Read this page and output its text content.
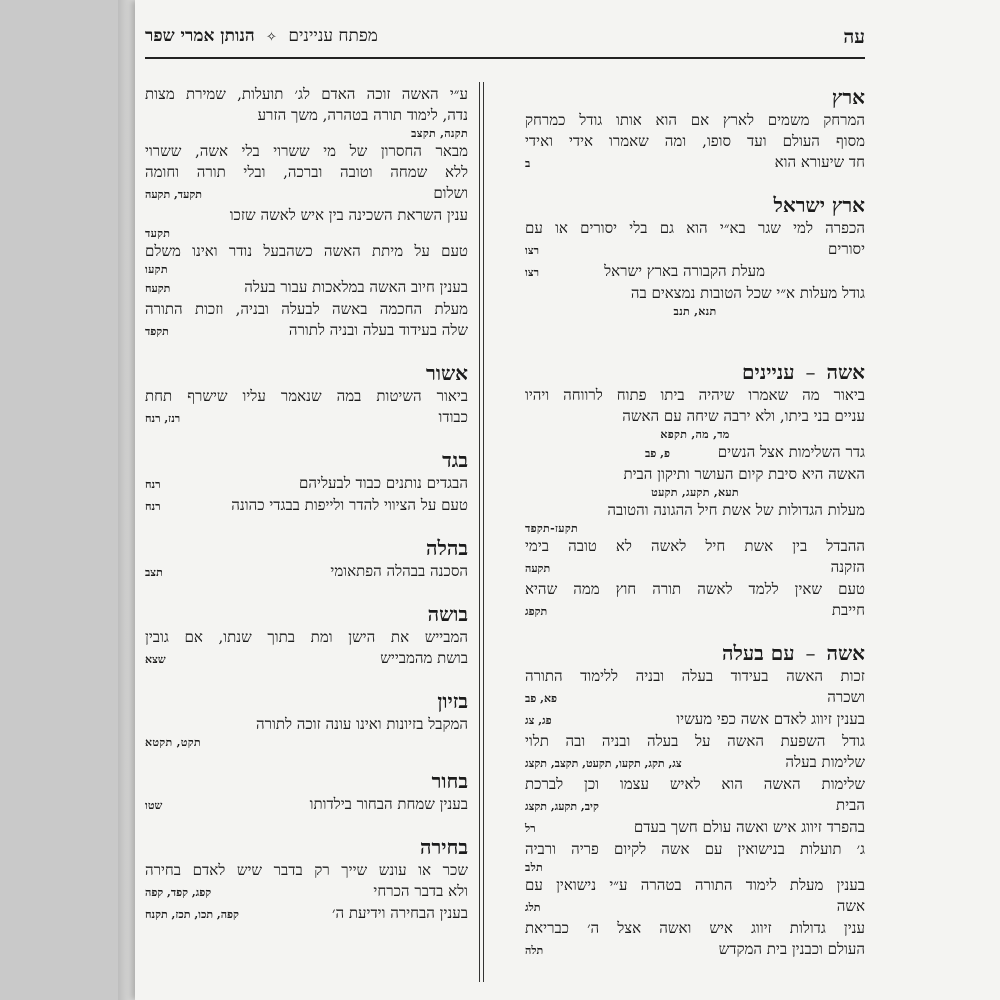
עה
מפתח עניינים ✧ הנותן אמרי שפר
ארץ
המרחק משמים לארץ אם הוא אותו גודל כמרחק
מסוף העולם ועד סופו, ומה שאמרו אידי ואידי
חד שיעורא הוא
ב
ארץ ישראל
הכפרה למי שגר בא״י הוא גם בלי יסורים או עם
יסורים
רצו
מעלת הקבורה בארץ ישראל
רצו
גודל מעלות א״י שכל הטובות נמצאים בה
תנא, תנב
אשה – עניינים
ביאור מה שאמרו שיהיה ביתו פתוח לרווחה ויהיו
עניים בני ביתו, ולא ירבה שיחה עם האשה
מד, מה, תקפא
גדר השלימות אצל הנשים
פ, פב
האשה היא סיבת קיום העושר ותיקון הבית
תעא, תקעג, תקעט
מעלות הגדולות של אשת חיל ההגונה והטובה
תקעז-תקפד
ההבדל בין אשת חיל לאשה לא טובה בימי
הזקנה
תקעה
טעם שאין ללמד לאשה תורה חוץ ממה שהיא
חייבת
תקפג
אשה – עם בעלה
זכות האשה בעידוד בעלה ובניה ללימוד התורה
ושכרה
פא, פב
בענין זיווג לאדם אשה כפי מעשיו
פג, צג
גודל השפעת האשה על בעלה ובניה ובה תלוי
שלימות בעלה
צג, תקג, תקעו, תקעט, תקצב, תקצג
שלימות האשה הוא לאיש עצמו וכן לברכת
הבית
קיב, תקעג, תקצג
בהפרד זיווג איש ואשה עולם חשך בעדם
רל
ג׳ תועלות בנישואין עם אשה לקיום פריה ורביה
תלב
בענין מעלת לימוד התורה בטהרה ע״י נישואין עם
אשה
תלג
ענין גדולות זיווג איש ואשה אצל ה׳ כבריאת
העולם וכבנין בית המקדש
תלה
ע״י האשה זוכה האדם לג׳ תועלות, שמירת מצות
נדה, לימוד תורה בטהרה, משך הזרע
תקנה, תקצב
מבאר החסרון של מי ששרוי בלי אשה, ששרוי
ללא שמחה וטובה וברכה, ובלי תורה וחומה
ושלום
תקעד, תקעה
ענין השראת השכינה בין איש לאשה שזכו
תקעד
טעם על מיתת האשה כשהבעל נודר ואינו משלם
תקעו
בענין חיוב האשה במלאכות עבור בעלה
תקעח
מעלת החכמה באשה לבעלה ובניה, וזכות התורה
שלה בעידוד בעלה ובניה לתורה
תקפד
אשור
ביאור השיטות במה שנאמר עליו שישרף תחת
כבודו
רנז, רנח
בגד
הבגדים נותנים כבוד לבעליהם
רנח
טעם על הציווי להדר ולייפות בבגדי כהונה
רנח
בהלה
הסכנה בבהלה הפתאומי
תצב
בושה
המבייש את הישן ומת בתוך שנתו, אם גובין
בושת מהמבייש
שצא
בזיון
המקבל בזיונות ואינו עונה זוכה לתורה
תקט, תקטא
בחור
בענין שמחת הבחור בילדותו
שטו
בחירה
שכר או עונש שייך רק בדבר שיש לאדם בחירה
ולא בדבר הכרחי
קפג, קפד, קפה
בענין הבחירה וידיעת ה׳
קפה, תכו, תכז, תקנח
